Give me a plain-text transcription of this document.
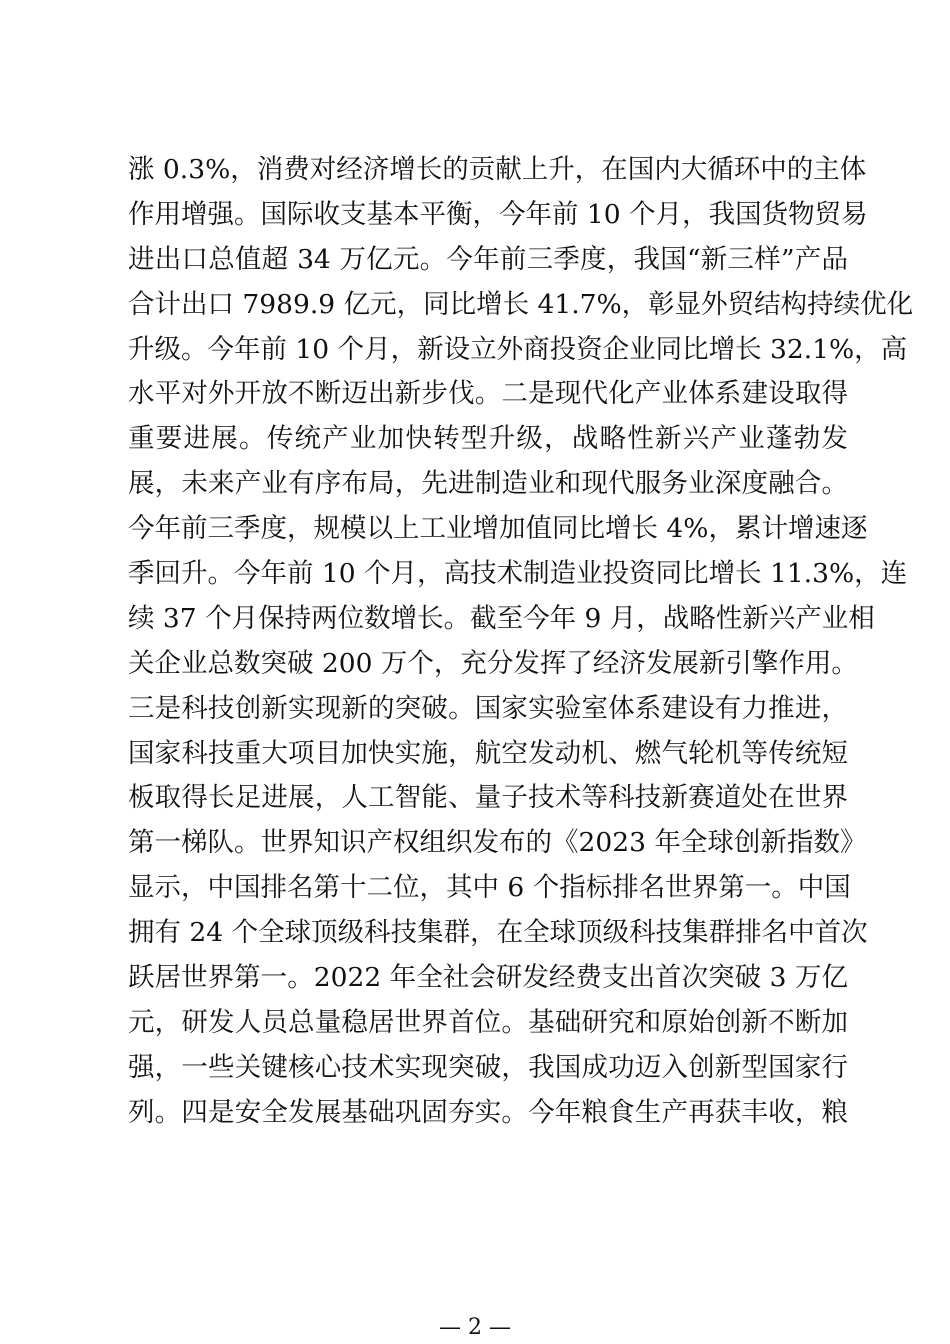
涨 0.3%，消费对经济增长的贡献上升，在国内大循环中的主体
作用增强。国际收支基本平衡，今年前 10 个月，我国货物贸易
进出口总值超 34 万亿元。今年前三季度，我国“新三样”产品
合计出口 7989.9 亿元，同比增长 41.7%，彰显外贸结构持续优化
升级。今年前 10 个月，新设立外商投资企业同比增长 32.1%，高
水平对外开放不断迈出新步伐。二是现代化产业体系建设取得
重要进展。传统产业加快转型升级，战略性新兴产业蓬勃发
展，未来产业有序布局，先进制造业和现代服务业深度融合。
今年前三季度，规模以上工业增加值同比增长 4%，累计增速逐
季回升。今年前 10 个月，高技术制造业投资同比增长 11.3%，连
续 37 个月保持两位数增长。截至今年 9 月，战略性新兴产业相
关企业总数突破 200 万个，充分发挥了经济发展新引擎作用。
三是科技创新实现新的突破。国家实验室体系建设有力推进，
国家科技重大项目加快实施，航空发动机、燃气轮机等传统短
板取得长足进展，人工智能、量子技术等科技新赛道处在世界
第一梯队。世界知识产权组织发布的《2023 年全球创新指数》
显示，中国排名第十二位，其中 6 个指标排名世界第一。中国
拥有 24 个全球顶级科技集群，在全球顶级科技集群排名中首次
跃居世界第一。2022 年全社会研发经费支出首次突破 3 万亿
元，研发人员总量稳居世界首位。基础研究和原始创新不断加
强，一些关键核心技术实现突破，我国成功迈入创新型国家行
列。四是安全发展基础巩固夯实。今年粮食生产再获丰收，粮
— 2 —
